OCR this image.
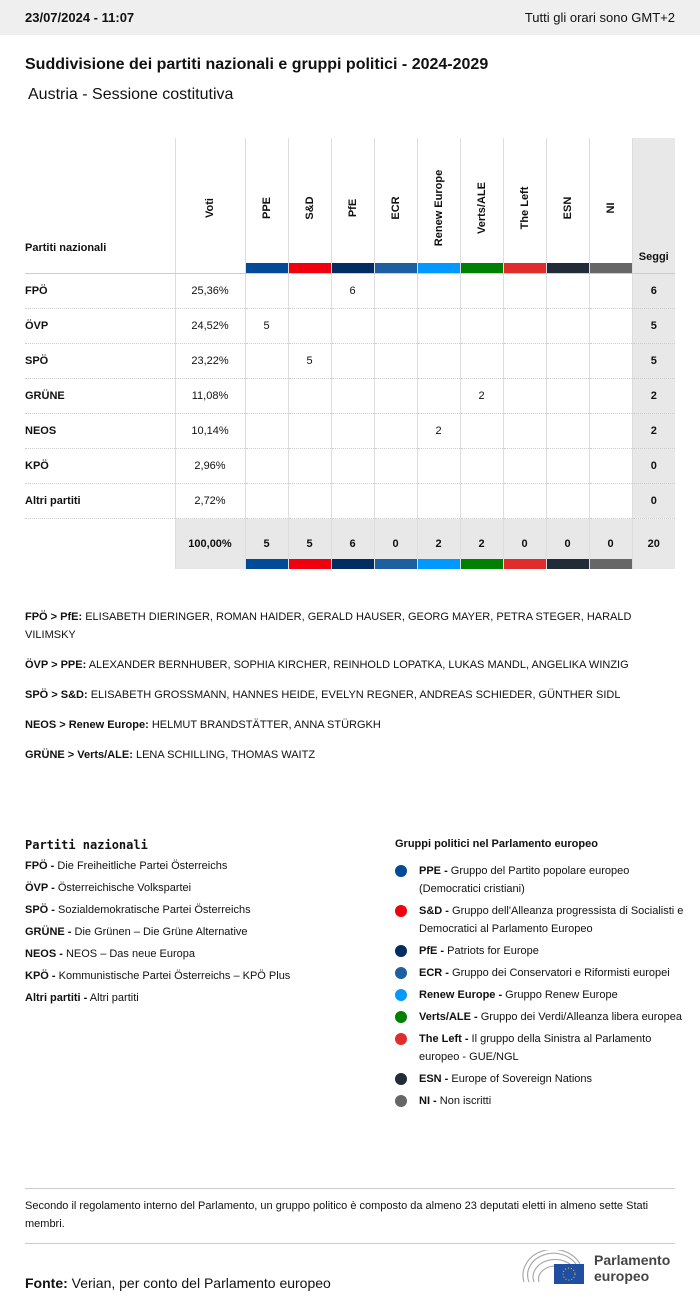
23/07/2024 - 11:07	Tutti gli orari sono GMT+2
Suddivisione dei partiti nazionali e gruppi politici - 2024-2029
Austria - Sessione costitutiva
Partiti nazionali	Voti	PPE	S&D	PfE	ECR	Renew Europe	Verts/ALE	The Left	ESN	NI	Seggi
FPÖ	25,36%			6							6
ÖVP	24,52%	5									5
SPÖ	23,22%		5								5
GRÜNE	11,08%						2				2
NEOS	10,14%					2					2
KPÖ	2,96%										0
Altri partiti	2,72%										0
	100,00%	5	5	6	0	2	2	0	0	0	20

FPÖ > PfE: ELISABETH DIERINGER, ROMAN HAIDER, GERALD HAUSER, GEORG MAYER, PETRA STEGER, HARALD VILIMSKY

ÖVP > PPE: ALEXANDER BERNHUBER, SOPHIA KIRCHER, REINHOLD LOPATKA, LUKAS MANDL, ANGELIKA WINZIG

SPÖ > S&D: ELISABETH GROSSMANN, HANNES HEIDE, EVELYN REGNER, ANDREAS SCHIEDER, GÜNTHER SIDL

NEOS > Renew Europe: HELMUT BRANDSTÄTTER, ANNA STÜRGKH

GRÜNE > Verts/ALE: LENA SCHILLING, THOMAS WAITZ

Partiti nazionali
FPÖ - Die Freiheitliche Partei Österreichs
ÖVP - Österreichische Volkspartei
SPÖ - Sozialdemokratische Partei Österreichs
GRÜNE - Die Grünen – Die Grüne Alternative
NEOS - NEOS – Das neue Europa
KPÖ - Kommunistische Partei Österreichs – KPÖ Plus
Altri partiti - Altri partiti
Gruppi politici nel Parlamento europeo
PPE - Gruppo del Partito popolare europeo (Democratici cristiani)
S&D - Gruppo dell'Alleanza progressista di Socialisti e Democratici al Parlamento Europeo
PfE - Patriots for Europe
ECR - Gruppo dei Conservatori e Riformisti europei
Renew Europe - Gruppo Renew Europe
Verts/ALE - Gruppo dei Verdi/Alleanza libera europea
The Left - Il gruppo della Sinistra al Parlamento europeo - GUE/NGL
ESN - Europe of Sovereign Nations
NI - Non iscritti
Secondo il regolamento interno del Parlamento, un gruppo politico è composto da almeno 23 deputati eletti in almeno sette Stati membri.
Fonte: Verian, per conto del Parlamento europeo
Parlamento
europeo
